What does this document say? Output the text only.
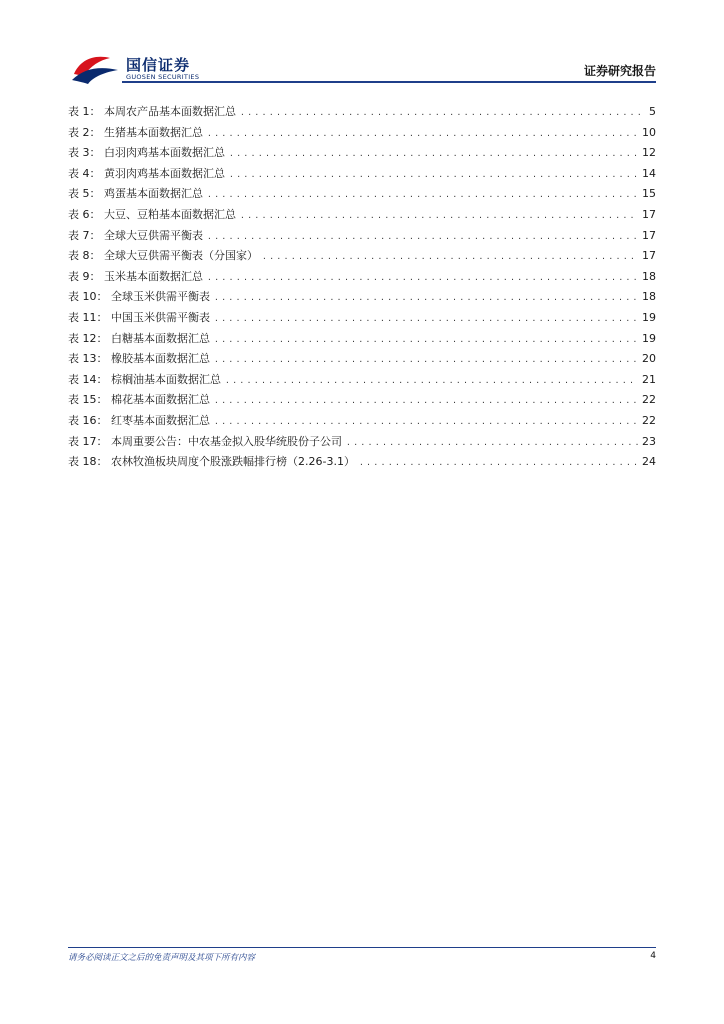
国信证券
GUOSEN SECURITIES	证券研究报告
表 1： 本周农产品基本面数据汇总 .....	5
表 2： 生猪基本面数据汇总 .....	10
表 3： 白羽肉鸡基本面数据汇总 .....	12
表 4： 黄羽肉鸡基本面数据汇总 .....	14
表 5： 鸡蛋基本面数据汇总 .....	15
表 6： 大豆、豆粕基本面数据汇总 .....	17
表 7： 全球大豆供需平衡表 .....	17
表 8： 全球大豆供需平衡表（分国家） .....	17
表 9： 玉米基本面数据汇总 .....	18
表 10： 全球玉米供需平衡表 .....	18
表 11： 中国玉米供需平衡表 .....	19
表 12： 白糖基本面数据汇总 .....	19
表 13： 橡胶基本面数据汇总 .....	20
表 14： 棕榈油基本面数据汇总 .....	21
表 15： 棉花基本面数据汇总 .....	22
表 16： 红枣基本面数据汇总 .....	22
表 17： 本周重要公告：中农基金拟入股华统股份子公司 .....	23
表 18： 农林牧渔板块周度个股涨跌幅排行榜（2.26-3.1） .....	24
请务必阅读正文之后的免责声明及其项下所有内容	4
